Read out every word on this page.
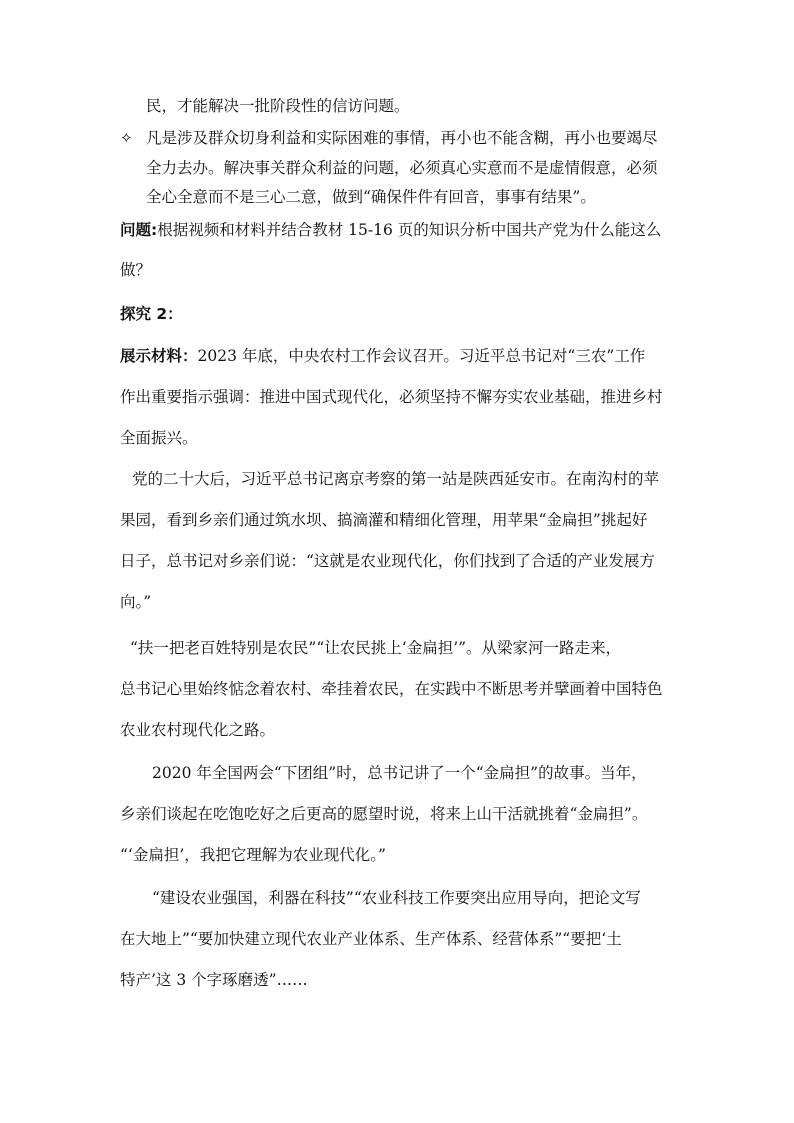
民，才能解决一批阶段性的信访问题。
✧ 凡是涉及群众切身利益和实际困难的事情，再小也不能含糊，再小也要竭尽
全力去办。解决事关群众利益的问题，必须真心实意而不是虚情假意，必须
全心全意而不是三心二意，做到“确保件件有回音，事事有结果”。
问题:根据视频和材料并结合教材 15-16 页的知识分析中国共产党为什么能这么
做？
探究 2：
展示材料：2023 年底，中央农村工作会议召开。习近平总书记对“三农”工作
作出重要指示强调：推进中国式现代化，必须坚持不懈夯实农业基础，推进乡村
全面振兴。
党的二十大后，习近平总书记离京考察的第一站是陕西延安市。在南沟村的苹
果园，看到乡亲们通过筑水坝、搞滴灌和精细化管理，用苹果“金扁担”挑起好
日子，总书记对乡亲们说：“这就是农业现代化，你们找到了合适的产业发展方
向。”
“扶一把老百姓特别是农民”“让农民挑上‘金扁担’”。从梁家河一路走来，
总书记心里始终惦念着农村、牵挂着农民，在实践中不断思考并擘画着中国特色
农业农村现代化之路。
2020 年全国两会“下团组”时，总书记讲了一个“金扁担”的故事。当年，
乡亲们谈起在吃饱吃好之后更高的愿望时说，将来上山干活就挑着“金扁担”。
“‘金扁担’，我把它理解为农业现代化。”
“建设农业强国，利器在科技”“农业科技工作要突出应用导向，把论文写
在大地上”“要加快建立现代农业产业体系、生产体系、经营体系”“要把‘土
特产’这 3 个字琢磨透”……
